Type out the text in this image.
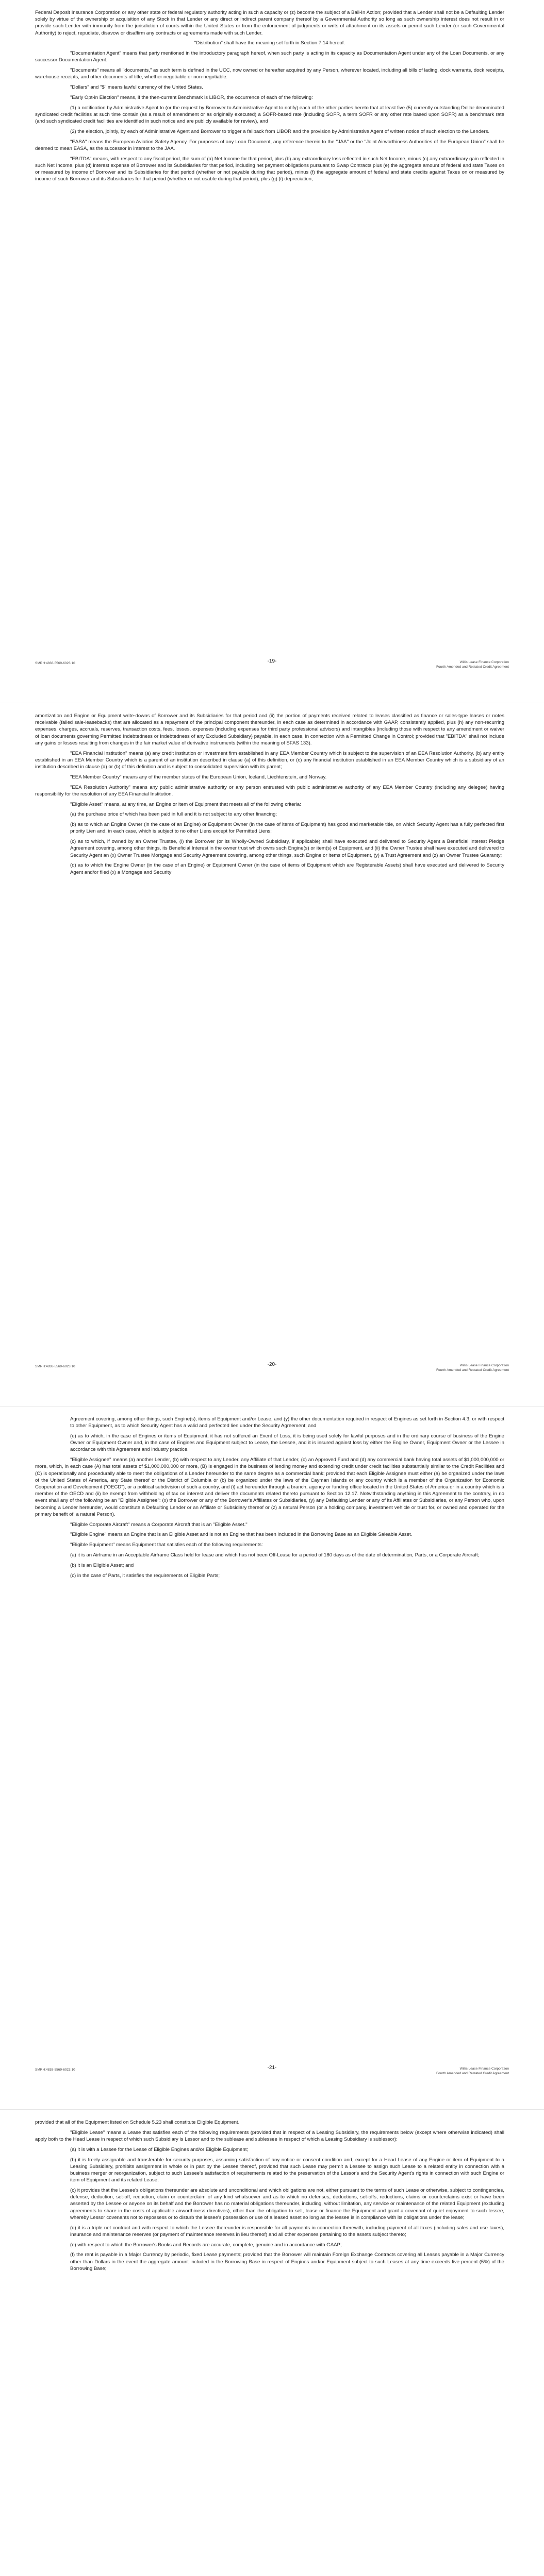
Federal Deposit Insurance Corporation or any other state or federal regulatory authority acting in such a capacity or (z) become the subject of a Bail-In Action; provided that a Lender shall not be a Defaulting Lender solely by virtue of the ownership or acquisition of any Stock in that Lender or any direct or indirect parent company thereof by a Governmental Authority so long as such ownership interest does not result in or provide such Lender with immunity from the jurisdiction of courts within the United States or from the enforcement of judgments or writs of attachment on its assets or permit such Lender (or such Governmental Authority) to reject, repudiate, disavow or disaffirm any contracts or agreements made with such Lender.

"Distribution" shall have the meaning set forth in Section 7.14 hereof.

"Documentation Agent" means that party mentioned in the introductory paragraph hereof, when such party is acting in its capacity as Documentation Agent under any of the Loan Documents, or any successor Documentation Agent.

"Documents" means all "documents," as such term is defined in the UCC, now owned or hereafter acquired by any Person, wherever located, including all bills of lading, dock warrants, dock receipts, warehouse receipts, and other documents of title, whether negotiable or non-negotiable.

"Dollars" and "$" means lawful currency of the United States.

"Early Opt-in Election" means, if the then-current Benchmark is LIBOR, the occurrence of each of the following:

(1) a notification by Administrative Agent to (or the request by Borrower to Administrative Agent to notify) each of the other parties hereto that at least five (5) currently outstanding Dollar-denominated syndicated credit facilities at such time contain (as a result of amendment or as originally executed) a SOFR-based rate (including SOFR, a term SOFR or any other rate based upon SOFR) as a benchmark rate (and such syndicated credit facilities are identified in such notice and are publicly available for review), and

(2) the election, jointly, by each of Administrative Agent and Borrower to trigger a fallback from LIBOR and the provision by Administrative Agent of written notice of such election to the Lenders.

"EASA" means the European Aviation Safety Agency. For purposes of any Loan Document, any reference therein to the "JAA" or the "Joint Airworthiness Authorities of the European Union" shall be deemed to mean EASA, as the successor in interest to the JAA.

"EBITDA" means, with respect to any fiscal period, the sum of (a) Net Income for that period, plus (b) any extraordinary loss reflected in such Net Income, minus (c) any extraordinary gain reflected in such Net Income, plus (d) interest expense of Borrower and its Subsidiaries for that period, including net payment obligations pursuant to Swap Contracts plus (e) the aggregate amount of federal and state Taxes on or measured by income of Borrower and its Subsidiaries for that period (whether or not payable during that period), minus (f) the aggregate amount of federal and state credits against Taxes on or measured by income of such Borrower and its Subsidiaries for that period (whether or not usable during that period), plus (g) (i) depreciation,

SMRH:4838-5569-6023.10	-19-	Willis Lease Finance Corporation
Fourth Amended and Restated Credit Agreement

amortization and Engine or Equipment write-downs of Borrower and its Subsidiaries for that period and (ii) the portion of payments received related to leases classified as finance or sales-type leases or notes receivable (failed sale-leasebacks) that are allocated as a repayment of the principal component thereunder, in each case as determined in accordance with GAAP, consistently applied, plus (h) any non-recurring expenses, charges, accruals, reserves, transaction costs, fees, losses, expenses (including expenses for third party professional advisors) and intangibles (including those with respect to any amendment or waiver of loan documents governing Permitted Indebtedness or Indebtedness of any Excluded Subsidiary) payable, in each case, in connection with a Permitted Change in Control; provided that "EBITDA" shall not include any gains or losses resulting from changes in the fair market value of derivative instruments (within the meaning of SFAS 133).

"EEA Financial Institution" means (a) any credit institution or investment firm established in any EEA Member Country which is subject to the supervision of an EEA Resolution Authority, (b) any entity established in an EEA Member Country which is a parent of an institution described in clause (a) of this definition, or (c) any financial institution established in an EEA Member Country which is a subsidiary of an institution described in clause (a) or (b) of this definition and is subject to consolidated supervision with its parent;

"EEA Member Country" means any of the member states of the European Union, Iceland, Liechtenstein, and Norway.

"EEA Resolution Authority" means any public administrative authority or any person entrusted with public administrative authority of any EEA Member Country (including any delegee) having responsibility for the resolution of any EEA Financial Institution.

"Eligible Asset" means, at any time, an Engine or item of Equipment that meets all of the following criteria:

(a) the purchase price of which has been paid in full and it is not subject to any other financing;

(b) as to which an Engine Owner (in the case of an Engine) or Equipment Owner (in the case of items of Equipment) has good and marketable title, on which Security Agent has a fully perfected first priority Lien and, in each case, which is subject to no other Liens except for Permitted Liens;

(c) as to which, if owned by an Owner Trustee, (i) the Borrower (or its Wholly-Owned Subsidiary, if applicable) shall have executed and delivered to Security Agent a Beneficial Interest Pledge Agreement covering, among other things, its Beneficial Interest in the owner trust which owns such Engine(s) or item(s) of Equipment, and (ii) the Owner Trustee shall have executed and delivered to Security Agent an (x) Owner Trustee Mortgage and Security Agreement covering, among other things, such Engine or items of Equipment, (y) a Trust Agreement and (z) an Owner Trustee Guaranty;

(d) as to which the Engine Owner (in the case of an Engine) or Equipment Owner (in the case of items of Equipment which are Registerable Assets) shall have executed and delivered to Security Agent and/or filed (x) a Mortgage and Security

SMRH:4838-5569-6023.10	-20-	Willis Lease Finance Corporation
Fourth Amended and Restated Credit Agreement

Agreement covering, among other things, such Engine(s), items of Equipment and/or Lease, and (y) the other documentation required in respect of Engines as set forth in Section 4.3, or with respect to other Equipment, as to which Security Agent has a valid and perfected lien under the Security Agreement; and

(e) as to which, in the case of Engines or items of Equipment, it has not suffered an Event of Loss, it is being used solely for lawful purposes and in the ordinary course of business of the Engine Owner or Equipment Owner and, in the case of Engines and Equipment subject to Lease, the Lessee, and it is insured against loss by either the Engine Owner, Equipment Owner or the Lessee in accordance with this Agreement and industry practice.

"Eligible Assignee" means (a) another Lender, (b) with respect to any Lender, any Affiliate of that Lender, (c) an Approved Fund and (d) any commercial bank having total assets of $1,000,000,000 or more, which, in each case (A) has total assets of $1,000,000,000 or more, (B) is engaged in the business of lending money and extending credit under credit facilities substantially similar to the Credit Facilities and (C) is operationally and procedurally able to meet the obligations of a Lender hereunder to the same degree as a commercial bank; provided that each Eligible Assignee must either (a) be organized under the laws of the United States of America, any State thereof or the District of Columbia or (b) be organized under the laws of the Cayman Islands or any country which is a member of the Organization for Economic Cooperation and Development ("OECD"), or a political subdivision of such a country, and (i) act hereunder through a branch, agency or funding office located in the United States of America or in a country which is a member of the OECD and (ii) be exempt from withholding of tax on interest and deliver the documents related thereto pursuant to Section 12.17. Notwithstanding anything in this Agreement to the contrary, in no event shall any of the following be an "Eligible Assignee": (x) the Borrower or any of the Borrower's Affiliates or Subsidiaries, (y) any Defaulting Lender or any of its Affiliates or Subsidiaries, or any Person who, upon becoming a Lender hereunder, would constitute a Defaulting Lender or an Affiliate or Subsidiary thereof or (z) a natural Person (or a holding company, investment vehicle or trust for, or owned and operated for the primary benefit of, a natural Person).

"Eligible Corporate Aircraft" means a Corporate Aircraft that is an "Eligible Asset."

"Eligible Engine" means an Engine that is an Eligible Asset and is not an Engine that has been included in the Borrowing Base as an Eligible Saleable Asset.

"Eligible Equipment" means Equipment that satisfies each of the following requirements:

(a) it is an Airframe in an Acceptable Airframe Class held for lease and which has not been Off-Lease for a period of 180 days as of the date of determination, Parts, or a Corporate Aircraft;

(b) it is an Eligible Asset; and

(c) in the case of Parts, it satisfies the requirements of Eligible Parts;

SMRH:4838-5569-6023.10	-21-	Willis Lease Finance Corporation
Fourth Amended and Restated Credit Agreement

provided that all of the Equipment listed on Schedule 5.23 shall constitute Eligible Equipment.

"Eligible Lease" means a Lease that satisfies each of the following requirements (provided that in respect of a Leasing Subsidiary, the requirements below (except where otherwise indicated) shall apply both to the Head Lease in respect of which such Subsidiary is Lessor and to the sublease and sublessee in respect of which a Leasing Subsidiary is sublessor):

(a) it is with a Lessee for the Lease of Eligible Engines and/or Eligible Equipment;

(b) it is freely assignable and transferable for security purposes, assuming satisfaction of any notice or consent condition and, except for a Head Lease of any Engine or item of Equipment to a Leasing Subsidiary, prohibits assignment in whole or in part by the Lessee thereof, provided that such Lease may permit a Lessee to assign such Lease to a related entity in connection with a business merger or reorganization, subject to such Lessee's satisfaction of requirements related to the preservation of the Lessor's and the Security Agent's rights in connection with such Engine or item of Equipment and its related Lease;

(c) it provides that the Lessee's obligations thereunder are absolute and unconditional and which obligations are not, either pursuant to the terms of such Lease or otherwise, subject to contingencies, defense, deduction, set-off, reduction, claim or counterclaim of any kind whatsoever and as to which no defenses, deductions, set-offs, reductions, claims or counterclaims exist or have been asserted by the Lessee or anyone on its behalf and the Borrower has no material obligations thereunder, including, without limitation, any service or maintenance of the related Equipment (excluding agreements to share in the costs of applicable airworthiness directives), other than the obligation to sell, lease or finance the Equipment and grant a covenant of quiet enjoyment to such lessee, whereby Lessor covenants not to repossess or to disturb the lessee's possession or use of a leased asset so long as the lessee is in compliance with its obligations under the lease;

(d) it is a triple net contract and with respect to which the Lessee thereunder is responsible for all payments in connection therewith, including payment of all taxes (including sales and use taxes), insurance and maintenance reserves (or payment of maintenance reserves in lieu thereof) and all other expenses pertaining to the assets subject thereto;

(e) with respect to which the Borrower's Books and Records are accurate, complete, genuine and in accordance with GAAP;

(f) the rent is payable in a Major Currency by periodic, fixed Lease payments; provided that the Borrower will maintain Foreign Exchange Contracts covering all Leases payable in a Major Currency other than Dollars in the event the aggregate amount included in the Borrowing Base in respect of Engines and/or Equipment subject to such Leases at any time exceeds five percent (5%) of the Borrowing Base;
